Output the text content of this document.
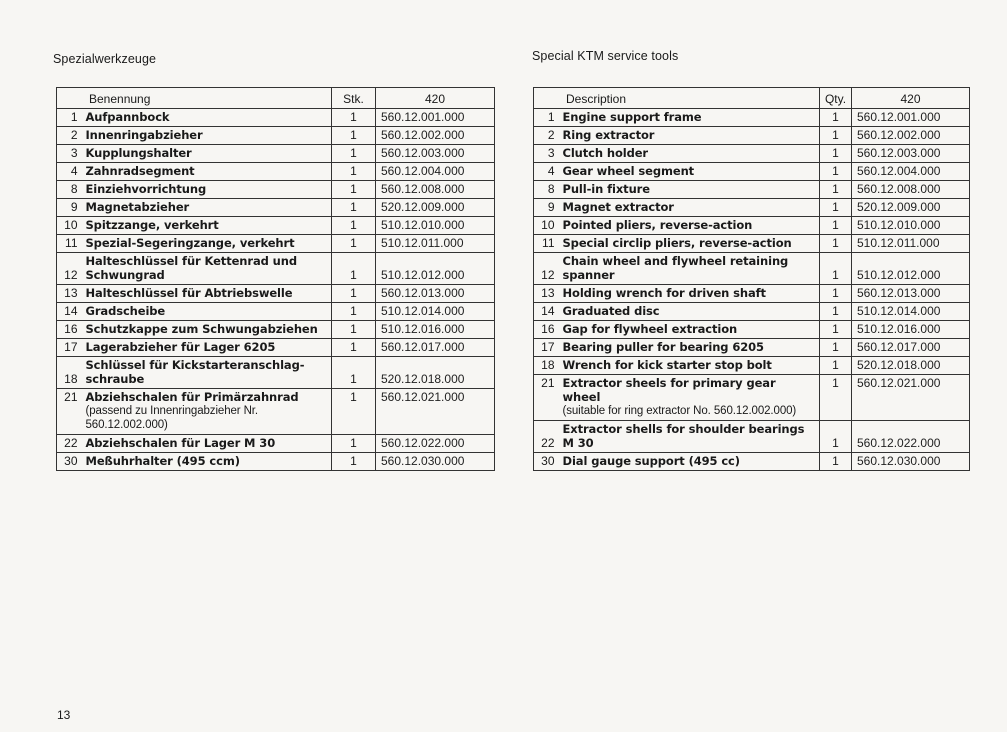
Spezialwerkzeuge	Special KTM service tools
Benennung		Stk.	420
1	Aufpannbock	1	560.12.001.000
2	Innenringabzieher	1	560.12.002.000
3	Kupplungshalter	1	560.12.003.000
4	Zahnradsegment	1	560.12.004.000
8	Einziehvorrichtung	1	560.12.008.000
9	Magnetabzieher	1	520.12.009.000
10	Spitzzange, verkehrt	1	510.12.010.000
11	Spezial-Segeringzange, verkehrt	1	510.12.011.000
12	Halteschlüssel für Kettenrad und Schwungrad	1	510.12.012.000
13	Halteschlüssel für Abtriebswelle	1	560.12.013.000
14	Gradscheibe	1	510.12.014.000
16	Schutzkappe zum Schwungabziehen	1	510.12.016.000
17	Lagerabzieher für Lager 6205	1	560.12.017.000
18	Schlüssel für Kickstarteranschlag-schraube	1	520.12.018.000
21	Abziehschalen für Primärzahnrad
(passend zu Innenringabzieher Nr. 560.12.002.000)	1	560.12.021.000
22	Abziehschalen für Lager M 30	1	560.12.022.000
30	Meßuhrhalter (495 ccm)	1	560.12.030.000
Description		Qty.	420
1	Engine support frame	1	560.12.001.000
2	Ring extractor	1	560.12.002.000
3	Clutch holder	1	560.12.003.000
4	Gear wheel segment	1	560.12.004.000
8	Pull-in fixture	1	560.12.008.000
9	Magnet extractor	1	520.12.009.000
10	Pointed pliers, reverse-action	1	510.12.010.000
11	Special circlip pliers, reverse-action	1	510.12.011.000
12	Chain wheel and flywheel retaining spanner	1	510.12.012.000
13	Holding wrench for driven shaft	1	560.12.013.000
14	Graduated disc	1	510.12.014.000
16	Gap for flywheel extraction	1	510.12.016.000
17	Bearing puller for bearing 6205	1	560.12.017.000
18	Wrench for kick starter stop bolt	1	520.12.018.000
21	Extractor sheels for primary gear wheel
(suitable for ring extractor No. 560.12.002.000)	1	560.12.021.000
22	Extractor shells for shoulder bearings M 30	1	560.12.022.000
30	Dial gauge support (495 cc)	1	560.12.030.000
13
